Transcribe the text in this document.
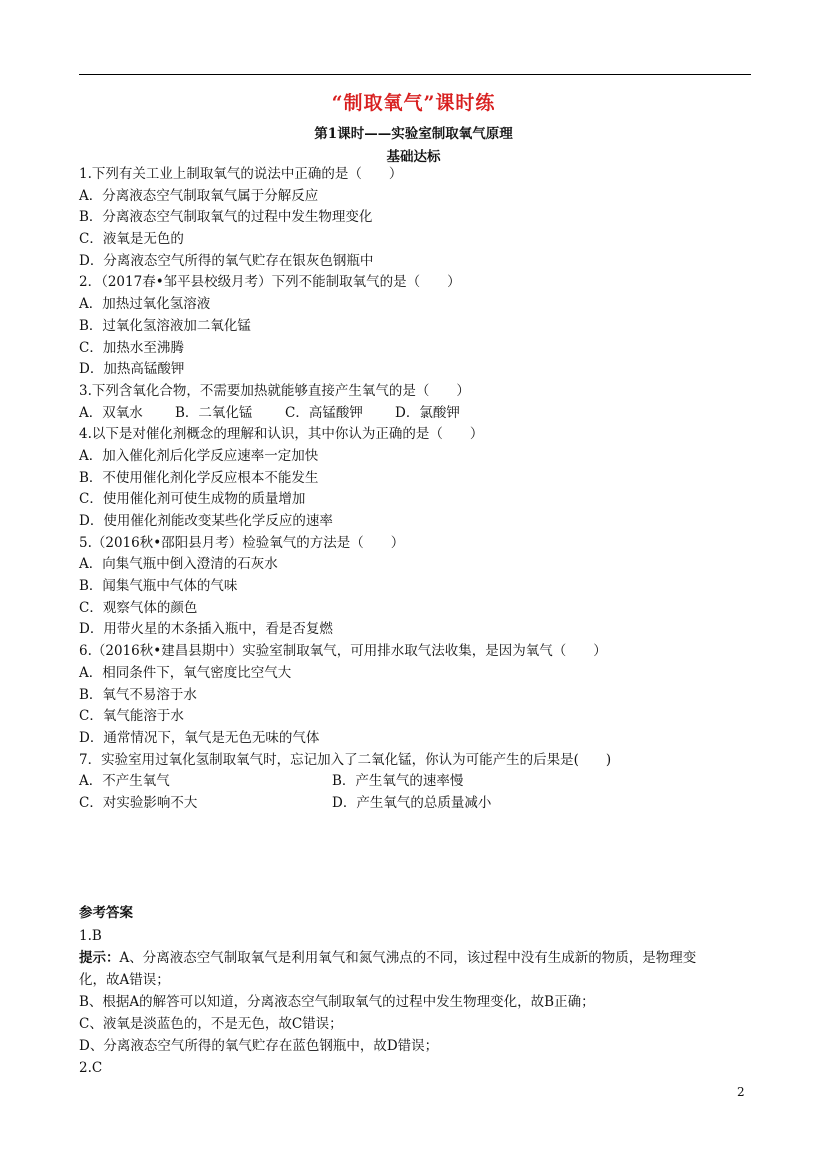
“制取氧气”课时练
第1课时——实验室制取氧气原理
基础达标
1.下列有关工业上制取氧气的说法中正确的是（　　）
A．分离液态空气制取氧气属于分解反应
B．分离液态空气制取氧气的过程中发生物理变化
C．液氧是无色的
D．分离液态空气所得的氧气贮存在银灰色钢瓶中
2．（2017春•邹平县校级月考）下列不能制取氧气的是（　　）
A．加热过氧化氢溶液
B．过氧化氢溶液加二氧化锰
C．加热水至沸腾
D．加热高锰酸钾
3.下列含氧化合物，不需要加热就能够直接产生氧气的是（　　）
A．双氧水 B．二氧化锰 C．高锰酸钾 D．氯酸钾
4.以下是对催化剂概念的理解和认识，其中你认为正确的是（　　）
A．加入催化剂后化学反应速率一定加快
B．不使用催化剂化学反应根本不能发生
C．使用催化剂可使生成物的质量增加
D．使用催化剂能改变某些化学反应的速率
5.（2016秋•邵阳县月考）检验氧气的方法是（　　）
A．向集气瓶中倒入澄清的石灰水
B．闻集气瓶中气体的气味
C．观察气体的颜色
D．用带火星的木条插入瓶中，看是否复燃
6.（2016秋•建昌县期中）实验室制取氧气，可用排水取气法收集，是因为氧气（　　）
A．相同条件下，氧气密度比空气大
B．氧气不易溶于水
C．氧气能溶于水
D．通常情况下，氧气是无色无味的气体
7．实验室用过氧化氢制取氧气时，忘记加入了二氧化锰，你认为可能产生的后果是(　　)
A．不产生氧气	B．产生氧气的速率慢
C．对实验影响不大	D．产生氧气的总质量减小
参考答案
1.B
提示：A、分离液态空气制取氧气是利用氧气和氮气沸点的不同，该过程中没有生成新的物质，是物理变
化，故A错误；
B、根据A的解答可以知道，分离液态空气制取氧气的过程中发生物理变化，故B正确；
C、液氧是淡蓝色的，不是无色，故C错误；
D、分离液态空气所得的氧气贮存在蓝色钢瓶中，故D错误；
2.C
2
